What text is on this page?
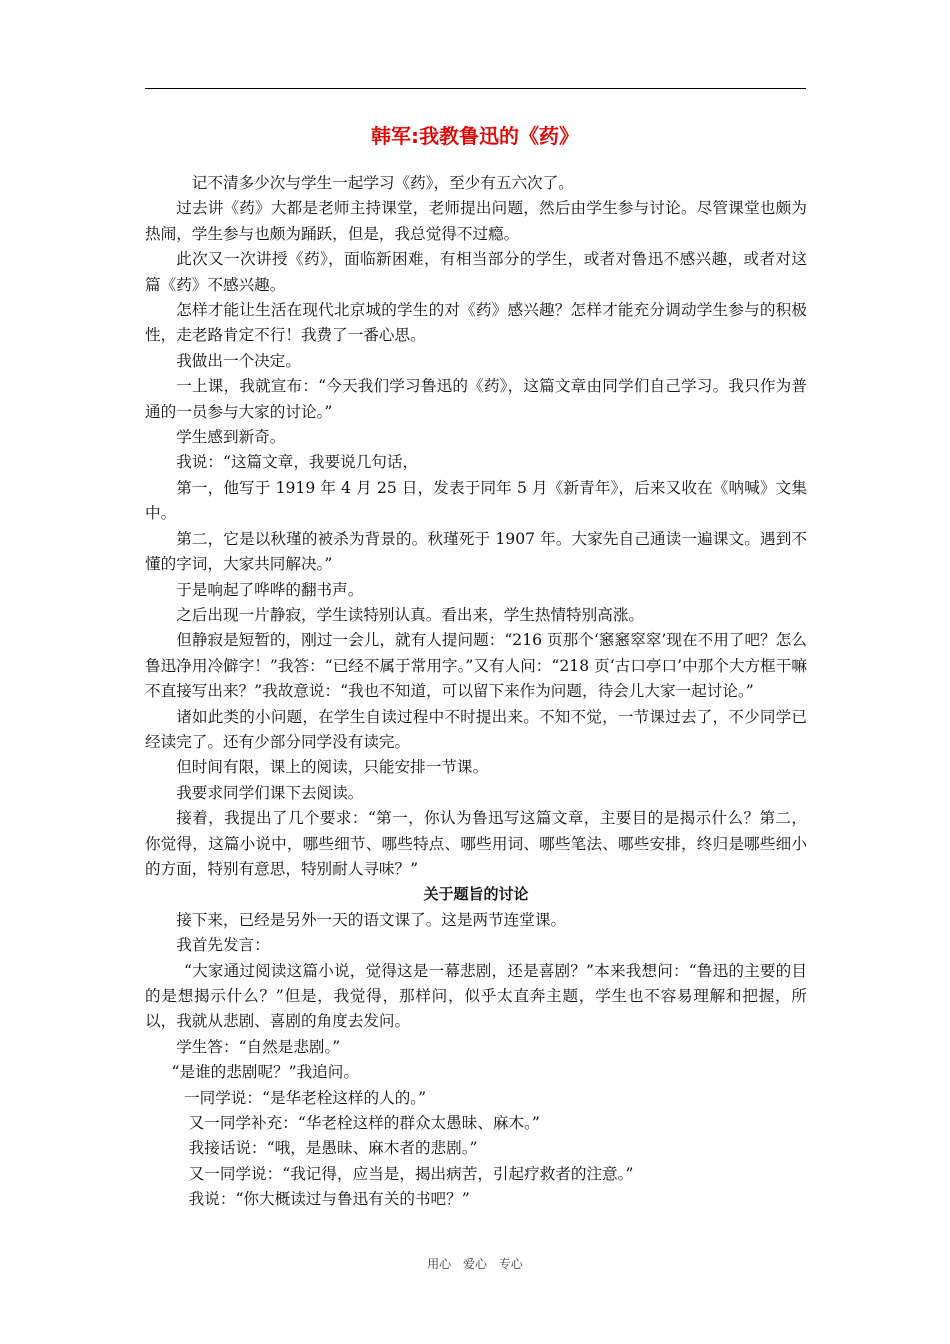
韩军:我教鲁迅的《药》

记不清多少次与学生一起学习《药》，至少有五六次了。

过去讲《药》大都是老师主持课堂，老师提出问题，然后由学生参与讨论。尽管课堂也颇为热闹，学生参与也颇为踊跃，但是，我总觉得不过瘾。

此次又一次讲授《药》，面临新困难，有相当部分的学生，或者对鲁迅不感兴趣，或者对这篇《药》不感兴趣。

怎样才能让生活在现代北京城的学生的对《药》感兴趣？怎样才能充分调动学生参与的积极性，走老路肯定不行！我费了一番心思。

我做出一个决定。

一上课，我就宣布：“今天我们学习鲁迅的《药》，这篇文章由同学们自己学习。我只作为普通的一员参与大家的讨论。”

学生感到新奇。

我说：“这篇文章，我要说几句话，

第一，他写于 1919 年 4 月 25 日，发表于同年 5 月《新青年》，后来又收在《呐喊》文集中。

第二，它是以秋瑾的被杀为背景的。秋瑾死于 1907 年。大家先自己通读一遍课文。遇到不懂的字词，大家共同解决。”

于是响起了哗哗的翻书声。

之后出现一片静寂，学生读特别认真。看出来，学生热情特别高涨。

但静寂是短暂的，刚过一会儿，就有人提问题：“216 页那个‘窸窸窣窣’现在不用了吧？怎么鲁迅净用冷僻字！”我答：“已经不属于常用字。”又有人问：“218 页‘古口亭口’中那个大方框干嘛不直接写出来？”我故意说：“我也不知道，可以留下来作为问题，待会儿大家一起讨论。”

诸如此类的小问题，在学生自读过程中不时提出来。不知不觉，一节课过去了，不少同学已经读完了。还有少部分同学没有读完。

但时间有限，课上的阅读，只能安排一节课。

我要求同学们课下去阅读。

接着，我提出了几个要求：“第一，你认为鲁迅写这篇文章，主要目的是揭示什么？第二，你觉得，这篇小说中，哪些细节、哪些特点、哪些用词、哪些笔法、哪些安排，终归是哪些细小的方面，特别有意思，特别耐人寻味？”

关于题旨的讨论

接下来，已经是另外一天的语文课了。这是两节连堂课。

我首先发言：

“大家通过阅读这篇小说，觉得这是一幕悲剧，还是喜剧？”本来我想问：“鲁迅的主要的目的是想揭示什么？”但是，我觉得，那样问，似乎太直奔主题，学生也不容易理解和把握，所以，我就从悲剧、喜剧的角度去发问。

学生答：“自然是悲剧。”

“是谁的悲剧呢？”我追问。

一同学说：“是华老栓这样的人的。”

又一同学补充：“华老栓这样的群众太愚昧、麻木。”

我接话说：“哦，是愚昧、麻木者的悲剧。”

又一同学说：“我记得，应当是，揭出病苦，引起疗救者的注意。”

我说：“你大概读过与鲁迅有关的书吧？”

用心 爱心 专心
